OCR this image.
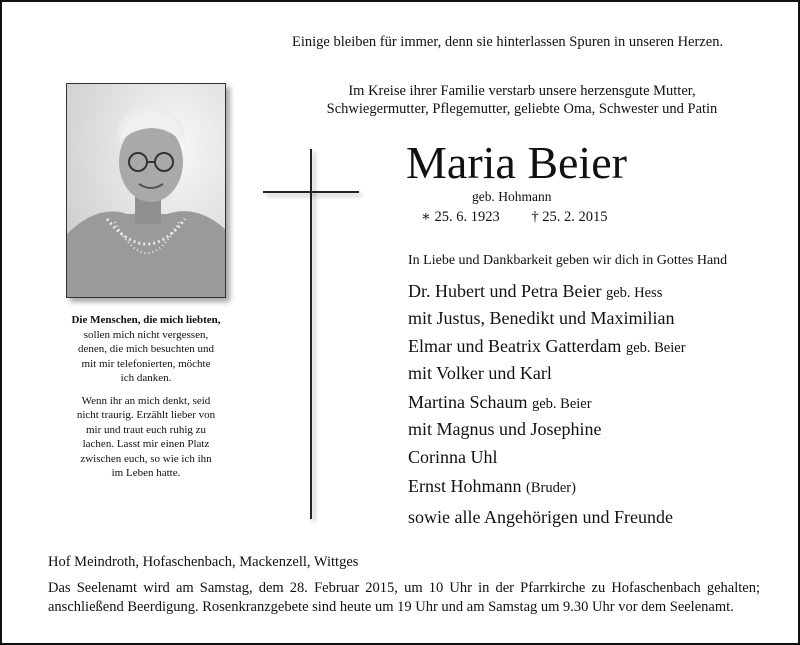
Einige bleiben für immer, denn sie hinterlassen Spuren in unseren Herzen.
Im Kreise ihrer Familie verstarb unsere herzensgute Mutter,
Schwiegermutter, Pflegemutter, geliebte Oma, Schwester und Patin

Die Menschen, die mich liebten,
sollen mich nicht vergessen,
denen, die mich besuchten und
mit mir telefonierten, möchte
ich danken.

Wenn ihr an mich denkt, seid
nicht traurig. Erzählt lieber von
mir und traut euch ruhig zu
lachen. Lasst mir einen Platz
zwischen euch, so wie ich ihn
im Leben hatte.

Maria Beier
geb. Hohmann
∗ 25. 6. 1923 † 25. 2. 2015
In Liebe und Dankbarkeit geben wir dich in Gottes Hand
Dr. Hubert und Petra Beier geb. Hess
mit Justus, Benedikt und Maximilian
Elmar und Beatrix Gatterdam geb. Beier
mit Volker und Karl
Martina Schaum geb. Beier
mit Magnus und Josephine
Corinna Uhl
Ernst Hohmann (Bruder)
sowie alle Angehörigen und Freunde
Hof Meindroth, Hofaschenbach, Mackenzell, Wittges
Das Seelenamt wird am Samstag, dem 28. Februar 2015, um 10 Uhr in der Pfarrkirche zu Hofaschenbach gehalten; anschließend Beerdigung. Rosenkranzgebete sind heute um 19 Uhr und am Samstag um 9.30 Uhr vor dem Seelenamt.
